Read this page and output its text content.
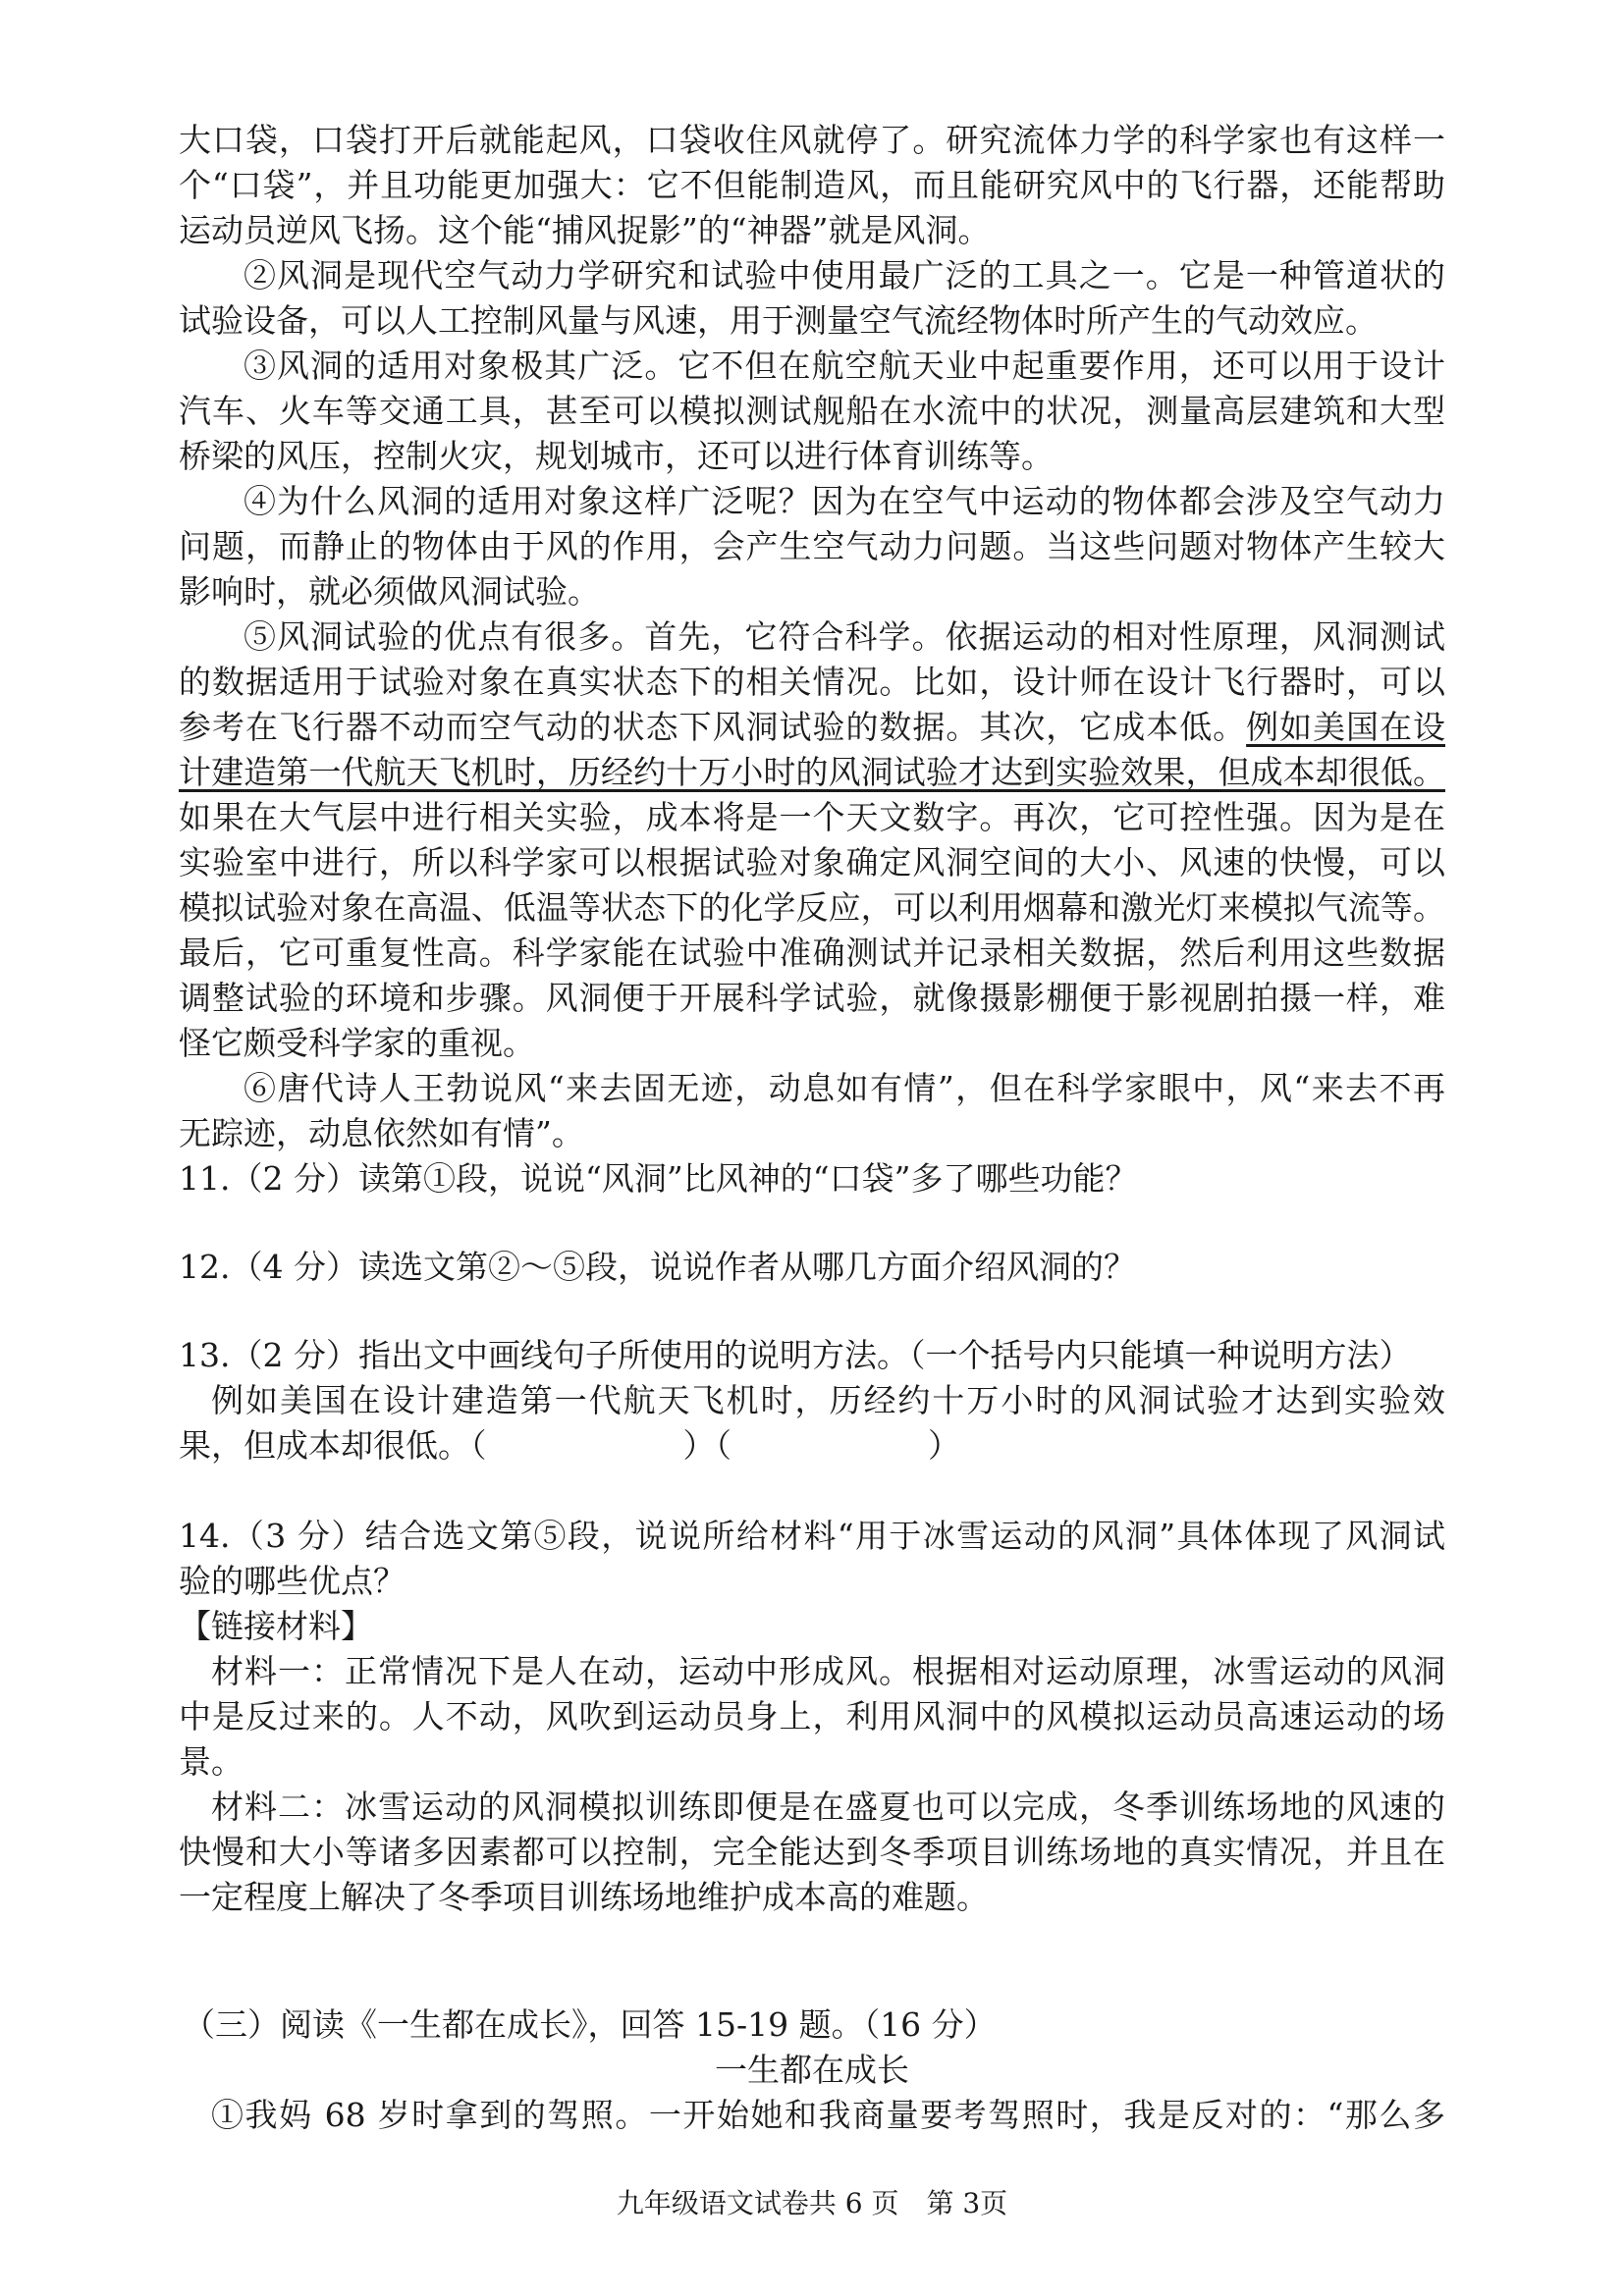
大口袋，口袋打开后就能起风，口袋收住风就停了。研究流体力学的科学家也有这样一
个“口袋”，并且功能更加强大：它不但能制造风，而且能研究风中的飞行器，还能帮助
运动员逆风飞扬。这个能“捕风捉影”的“神器”就是风洞。
②风洞是现代空气动力学研究和试验中使用最广泛的工具之一。它是一种管道状的
试验设备，可以人工控制风量与风速，用于测量空气流经物体时所产生的气动效应。
③风洞的适用对象极其广泛。它不但在航空航天业中起重要作用，还可以用于设计
汽车、火车等交通工具，甚至可以模拟测试舰船在水流中的状况，测量高层建筑和大型
桥梁的风压，控制火灾，规划城市，还可以进行体育训练等。
④为什么风洞的适用对象这样广泛呢？因为在空气中运动的物体都会涉及空气动力
问题，而静止的物体由于风的作用，会产生空气动力问题。当这些问题对物体产生较大
影响时，就必须做风洞试验。
⑤风洞试验的优点有很多。首先，它符合科学。依据运动的相对性原理，风洞测试
的数据适用于试验对象在真实状态下的相关情况。比如，设计师在设计飞行器时，可以
参考在飞行器不动而空气动的状态下风洞试验的数据。其次，它成本低。例如美国在设
计建造第一代航天飞机时，历经约十万小时的风洞试验才达到实验效果，但成本却很低。
如果在大气层中进行相关实验，成本将是一个天文数字。再次，它可控性强。因为是在
实验室中进行，所以科学家可以根据试验对象确定风洞空间的大小、风速的快慢，可以
模拟试验对象在高温、低温等状态下的化学反应，可以利用烟幕和激光灯来模拟气流等。
最后，它可重复性高。科学家能在试验中准确测试并记录相关数据，然后利用这些数据
调整试验的环境和步骤。风洞便于开展科学试验，就像摄影棚便于影视剧拍摄一样，难
怪它颇受科学家的重视。
⑥唐代诗人王勃说风“来去固无迹，动息如有情”，但在科学家眼中，风“来去不再
无踪迹，动息依然如有情”。
11.（2 分）读第①段，说说“风洞”比风神的“口袋”多了哪些功能？
12.（4 分）读选文第②～⑤段，说说作者从哪几方面介绍风洞的？
13.（2 分）指出文中画线句子所使用的说明方法。（一个括号内只能填一种说明方法）
例如美国在设计建造第一代航天飞机时，历经约十万小时的风洞试验才达到实验效
果，但成本却很低。（	）（	）
14.（3 分）结合选文第⑤段，说说所给材料“用于冰雪运动的风洞”具体体现了风洞试
验的哪些优点？
【链接材料】
材料一：正常情况下是人在动，运动中形成风。根据相对运动原理，冰雪运动的风洞
中是反过来的。人不动，风吹到运动员身上，利用风洞中的风模拟运动员高速运动的场
景。
材料二：冰雪运动的风洞模拟训练即便是在盛夏也可以完成，冬季训练场地的风速的
快慢和大小等诸多因素都可以控制，完全能达到冬季项目训练场地的真实情况，并且在
一定程度上解决了冬季项目训练场地维护成本高的难题。
（三）阅读《一生都在成长》，回答 15-19 题。（16 分）
一生都在成长
①我妈 68 岁时拿到的驾照。一开始她和我商量要考驾照时，我是反对的：“那么多
九年级语文试卷共 6 页　第 3页
